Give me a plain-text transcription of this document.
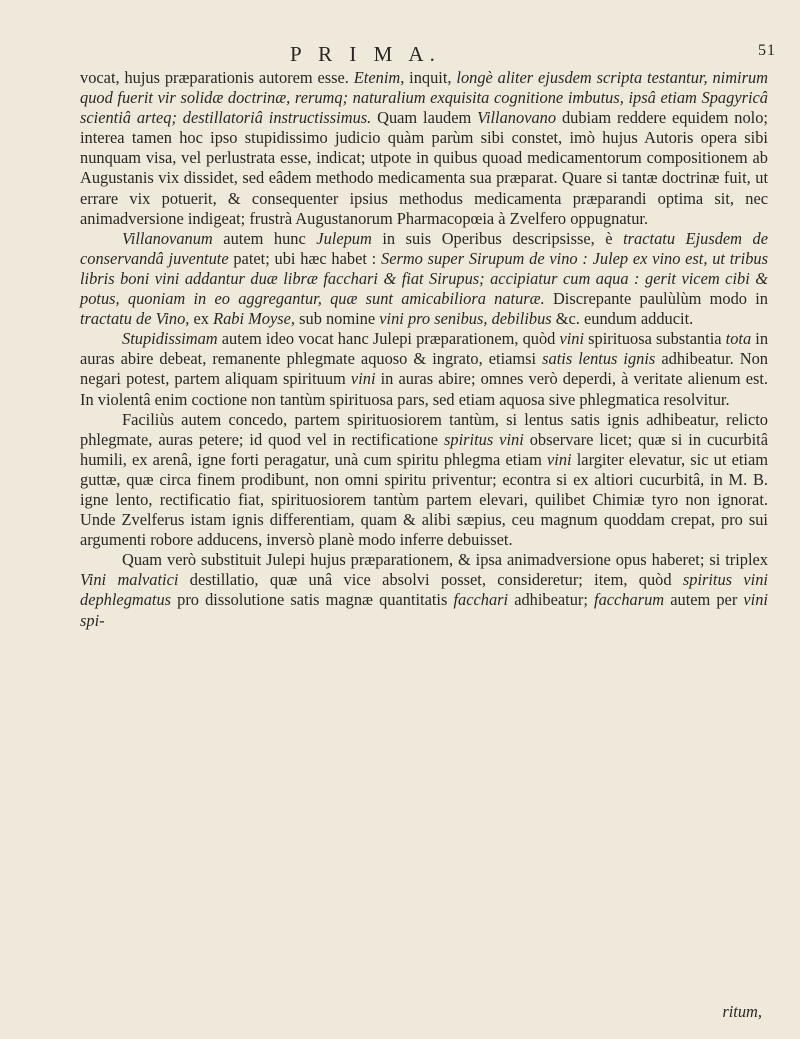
P R I M A.	51

vocat, hujus præparationis autorem esse. Etenim, inquit, longè aliter ejusdem scripta testantur, nimirum quod fuerit vir solidæ doctrinæ, rerumq; naturalium exquisita cognitione imbutus, ipsâ etiam Spagyricâ scientiâ arteq; destillatoriâ instructissimus. Quam laudem Villanovano dubiam reddere equidem nolo; interea tamen hoc ipso stupidissimo judicio quàm parùm sibi constet, imò hujus Autoris opera sibi nunquam visa, vel perlustrata esse, indicat; utpote in quibus quoad medicamentorum compositionem ab Augustanis vix dissidet, sed eâdem methodo medicamenta sua præparat. Quare si tantæ doctrinæ fuit, ut errare vix potuerit, & consequenter ipsius methodus medicamenta præparandi optima sit, nec animadversione indigeat; frustrà Augustanorum Pharmacopœia à Zvelfero oppugnatur.

Villanovanum autem hunc Julepum in suis Operibus descripsisse, è tractatu Ejusdem de conservandâ juventute patet; ubi hæc habet : Sermo super Sirupum de vino : Julep ex vino est, ut tribus libris boni vini addantur duæ libræ facchari & fiat Sirupus; accipiatur cum aqua : gerit vicem cibi & potus, quoniam in eo aggregantur, quæ sunt amicabiliora naturæ. Discrepante paulùlùm modo in tractatu de Vino, ex Rabi Moyse, sub nomine vini pro senibus, debilibus &c. eundum adducit.

Stupidissimam autem ideo vocat hanc Julepi præparationem, quòd vini spirituosa substantia tota in auras abire debeat, remanente phlegmate aquoso & ingrato, etiamsi satis lentus ignis adhibeatur. Non negari potest, partem aliquam spirituum vini in auras abire; omnes verò deperdi, à veritate alienum est. In violentâ enim coctione non tantùm spirituosa pars, sed etiam aquosa sive phlegmatica resolvitur.

Faciliùs autem concedo, partem spirituosiorem tantùm, si lentus satis ignis adhibeatur, relicto phlegmate, auras petere; id quod vel in rectificatione spiritus vini observare licet; quæ si in cucurbitâ humili, ex arenâ, igne forti peragatur, unà cum spiritu phlegma etiam vini largiter elevatur, sic ut etiam guttæ, quæ circa finem prodibunt, non omni spiritu priventur; econtra si ex altiori cucurbitâ, in M. B. igne lento, rectificatio fiat, spirituosiorem tantùm partem elevari, quilibet Chimiæ tyro non ignorat. Unde Zvelferus istam ignis differentiam, quam & alibi sæpius, ceu magnum quoddam crepat, pro sui argumenti robore adducens, inversò planè modo inferre debuisset.

Quam verò substituit Julepi hujus præparationem, & ipsa animadversione opus haberet; si triplex Vini malvatici destillatio, quæ unâ vice absolvi posset, consideretur; item, quòd spiritus vini dephlegmatus pro dissolutione satis magnæ quantitatis facchari adhibeatur; faccharum autem per vini spi-

ritum,
